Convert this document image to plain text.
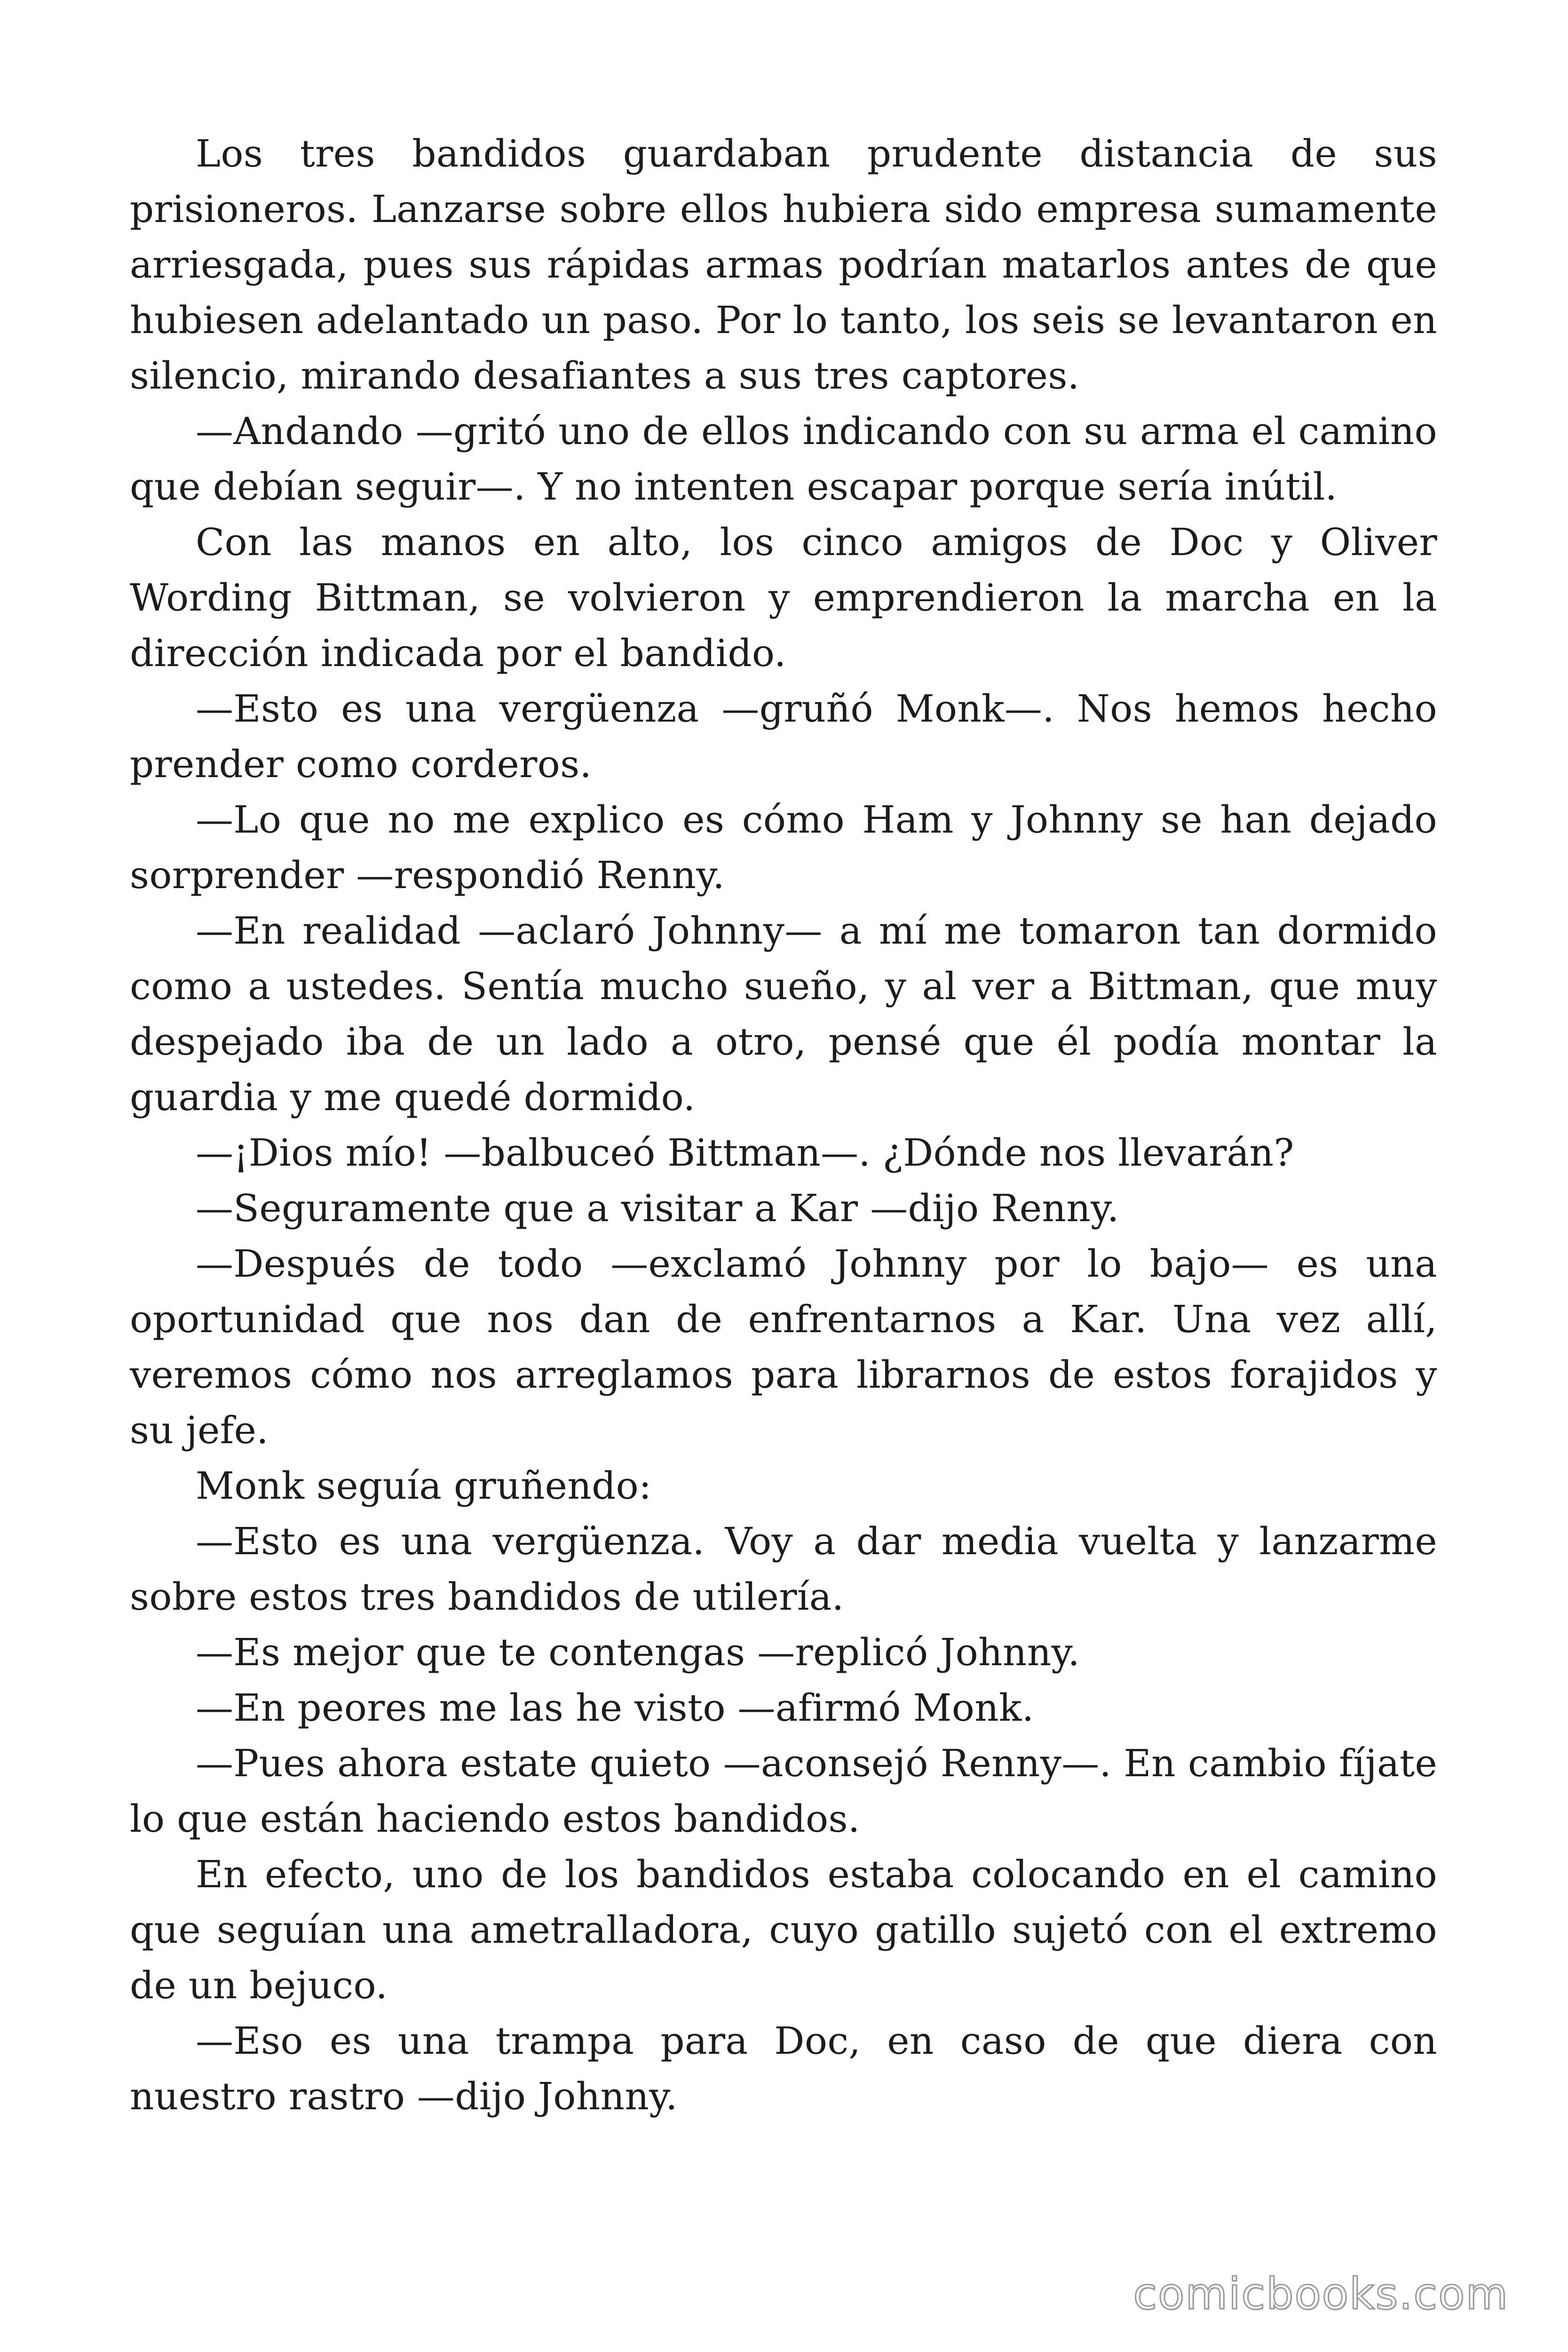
Los tres bandidos guardaban prudente distancia de sus prisioneros. Lanzarse sobre ellos hubiera sido empresa sumamente arriesgada, pues sus rápidas armas podrían matarlos antes de que hubiesen adelantado un paso. Por lo tanto, los seis se levantaron en silencio, mirando desafiantes a sus tres captores.

—Andando —gritó uno de ellos indicando con su arma el camino que debían seguir—. Y no intenten escapar porque sería inútil.

Con las manos en alto, los cinco amigos de Doc y Oliver Wording Bittman, se volvieron y emprendieron la marcha en la dirección indicada por el bandido.

—Esto es una vergüenza —gruñó Monk—. Nos hemos hecho prender como corderos.

—Lo que no me explico es cómo Ham y Johnny se han dejado sorprender —respondió Renny.

—En realidad —aclaró Johnny— a mí me tomaron tan dormido como a ustedes. Sentía mucho sueño, y al ver a Bittman, que muy despejado iba de un lado a otro, pensé que él podía montar la guardia y me quedé dormido.

—¡Dios mío! —balbuceó Bittman—. ¿Dónde nos llevarán?

—Seguramente que a visitar a Kar —dijo Renny.

—Después de todo —exclamó Johnny por lo bajo— es una oportunidad que nos dan de enfrentarnos a Kar. Una vez allí, veremos cómo nos arreglamos para librarnos de estos forajidos y su jefe.

Monk seguía gruñendo:

—Esto es una vergüenza. Voy a dar media vuelta y lanzarme sobre estos tres bandidos de utilería.

—Es mejor que te contengas —replicó Johnny.

—En peores me las he visto —afirmó Monk.

—Pues ahora estate quieto —aconsejó Renny—. En cambio fíjate lo que están haciendo estos bandidos.

En efecto, uno de los bandidos estaba colocando en el camino que seguían una ametralladora, cuyo gatillo sujetó con el extremo de un bejuco.

—Eso es una trampa para Doc, en caso de que diera con nuestro rastro —dijo Johnny.

comicbooks.com
